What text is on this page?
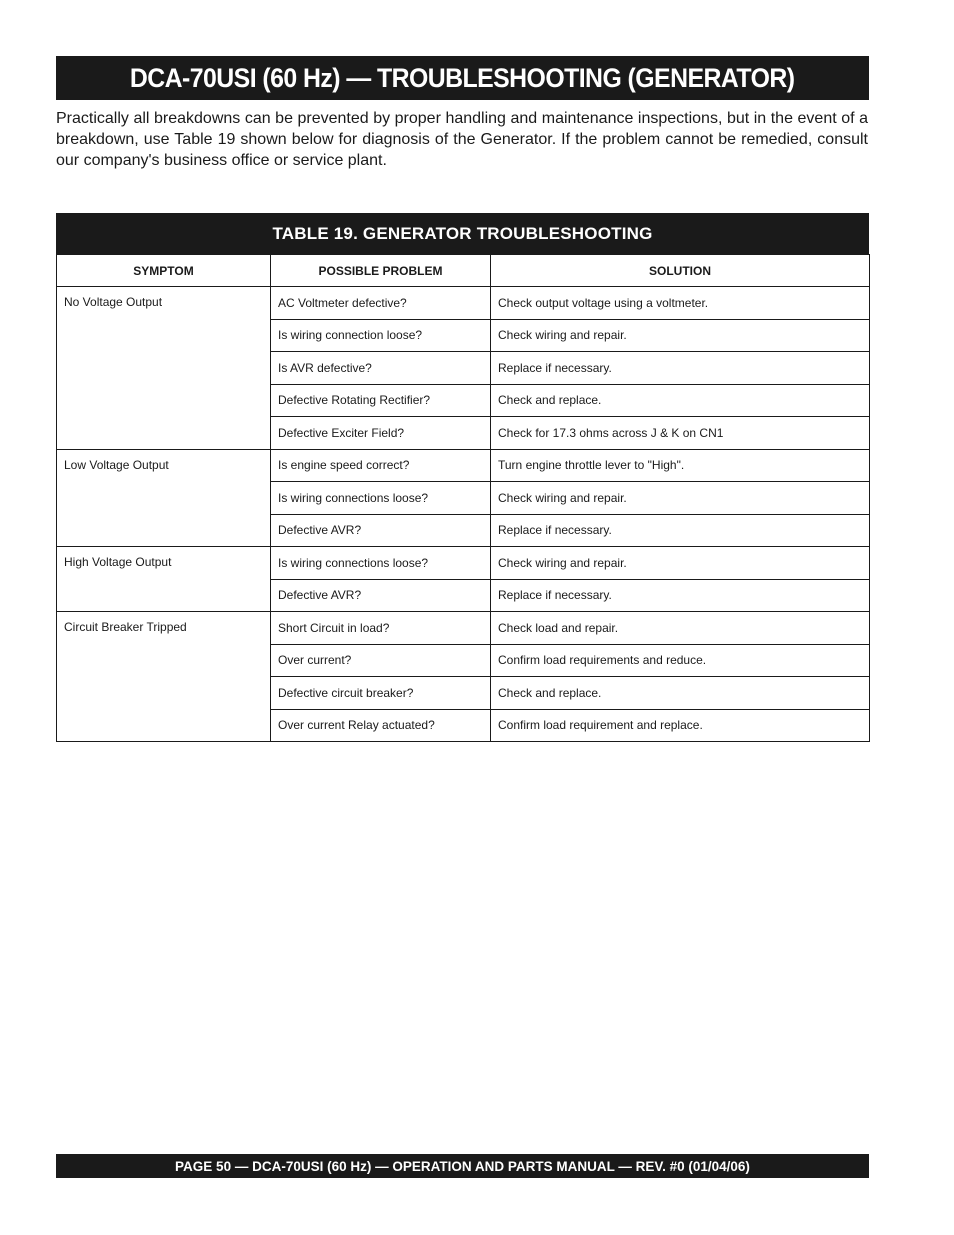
DCA-70USI (60 Hz) — TROUBLESHOOTING (GENERATOR)

Practically all breakdowns can be prevented by proper handling and maintenance inspections, but in the event of a breakdown, use Table 19 shown below for diagnosis of the Generator. If the problem cannot be remedied, consult our company's business office or service plant.

TABLE 19. GENERATOR TROUBLESHOOTING
SYMPTOM	POSSIBLE PROBLEM	SOLUTION
No Voltage Output	AC Voltmeter defective?	Check output voltage using a voltmeter.
	Is wiring connection loose?	Check wiring and repair.
	Is AVR defective?	Replace if necessary.
	Defective Rotating Rectifier?	Check and replace.
	Defective Exciter Field?	Check for 17.3 ohms across J & K on CN1
Low Voltage Output	Is engine speed correct?	Turn engine throttle lever to "High".
	Is wiring connections loose?	Check wiring and repair.
	Defective AVR?	Replace if necessary.
High Voltage Output	Is wiring connections loose?	Check wiring and repair.
	Defective AVR?	Replace if necessary.
Circuit Breaker Tripped	Short Circuit in load?	Check load and repair.
	Over current?	Confirm load requirements and reduce.
	Defective circuit breaker?	Check and replace.
	Over current Relay actuated?	Confirm load requirement and replace.
PAGE 50 — DCA-70USI (60 Hz) — OPERATION AND PARTS MANUAL — REV. #0 (01/04/06)
